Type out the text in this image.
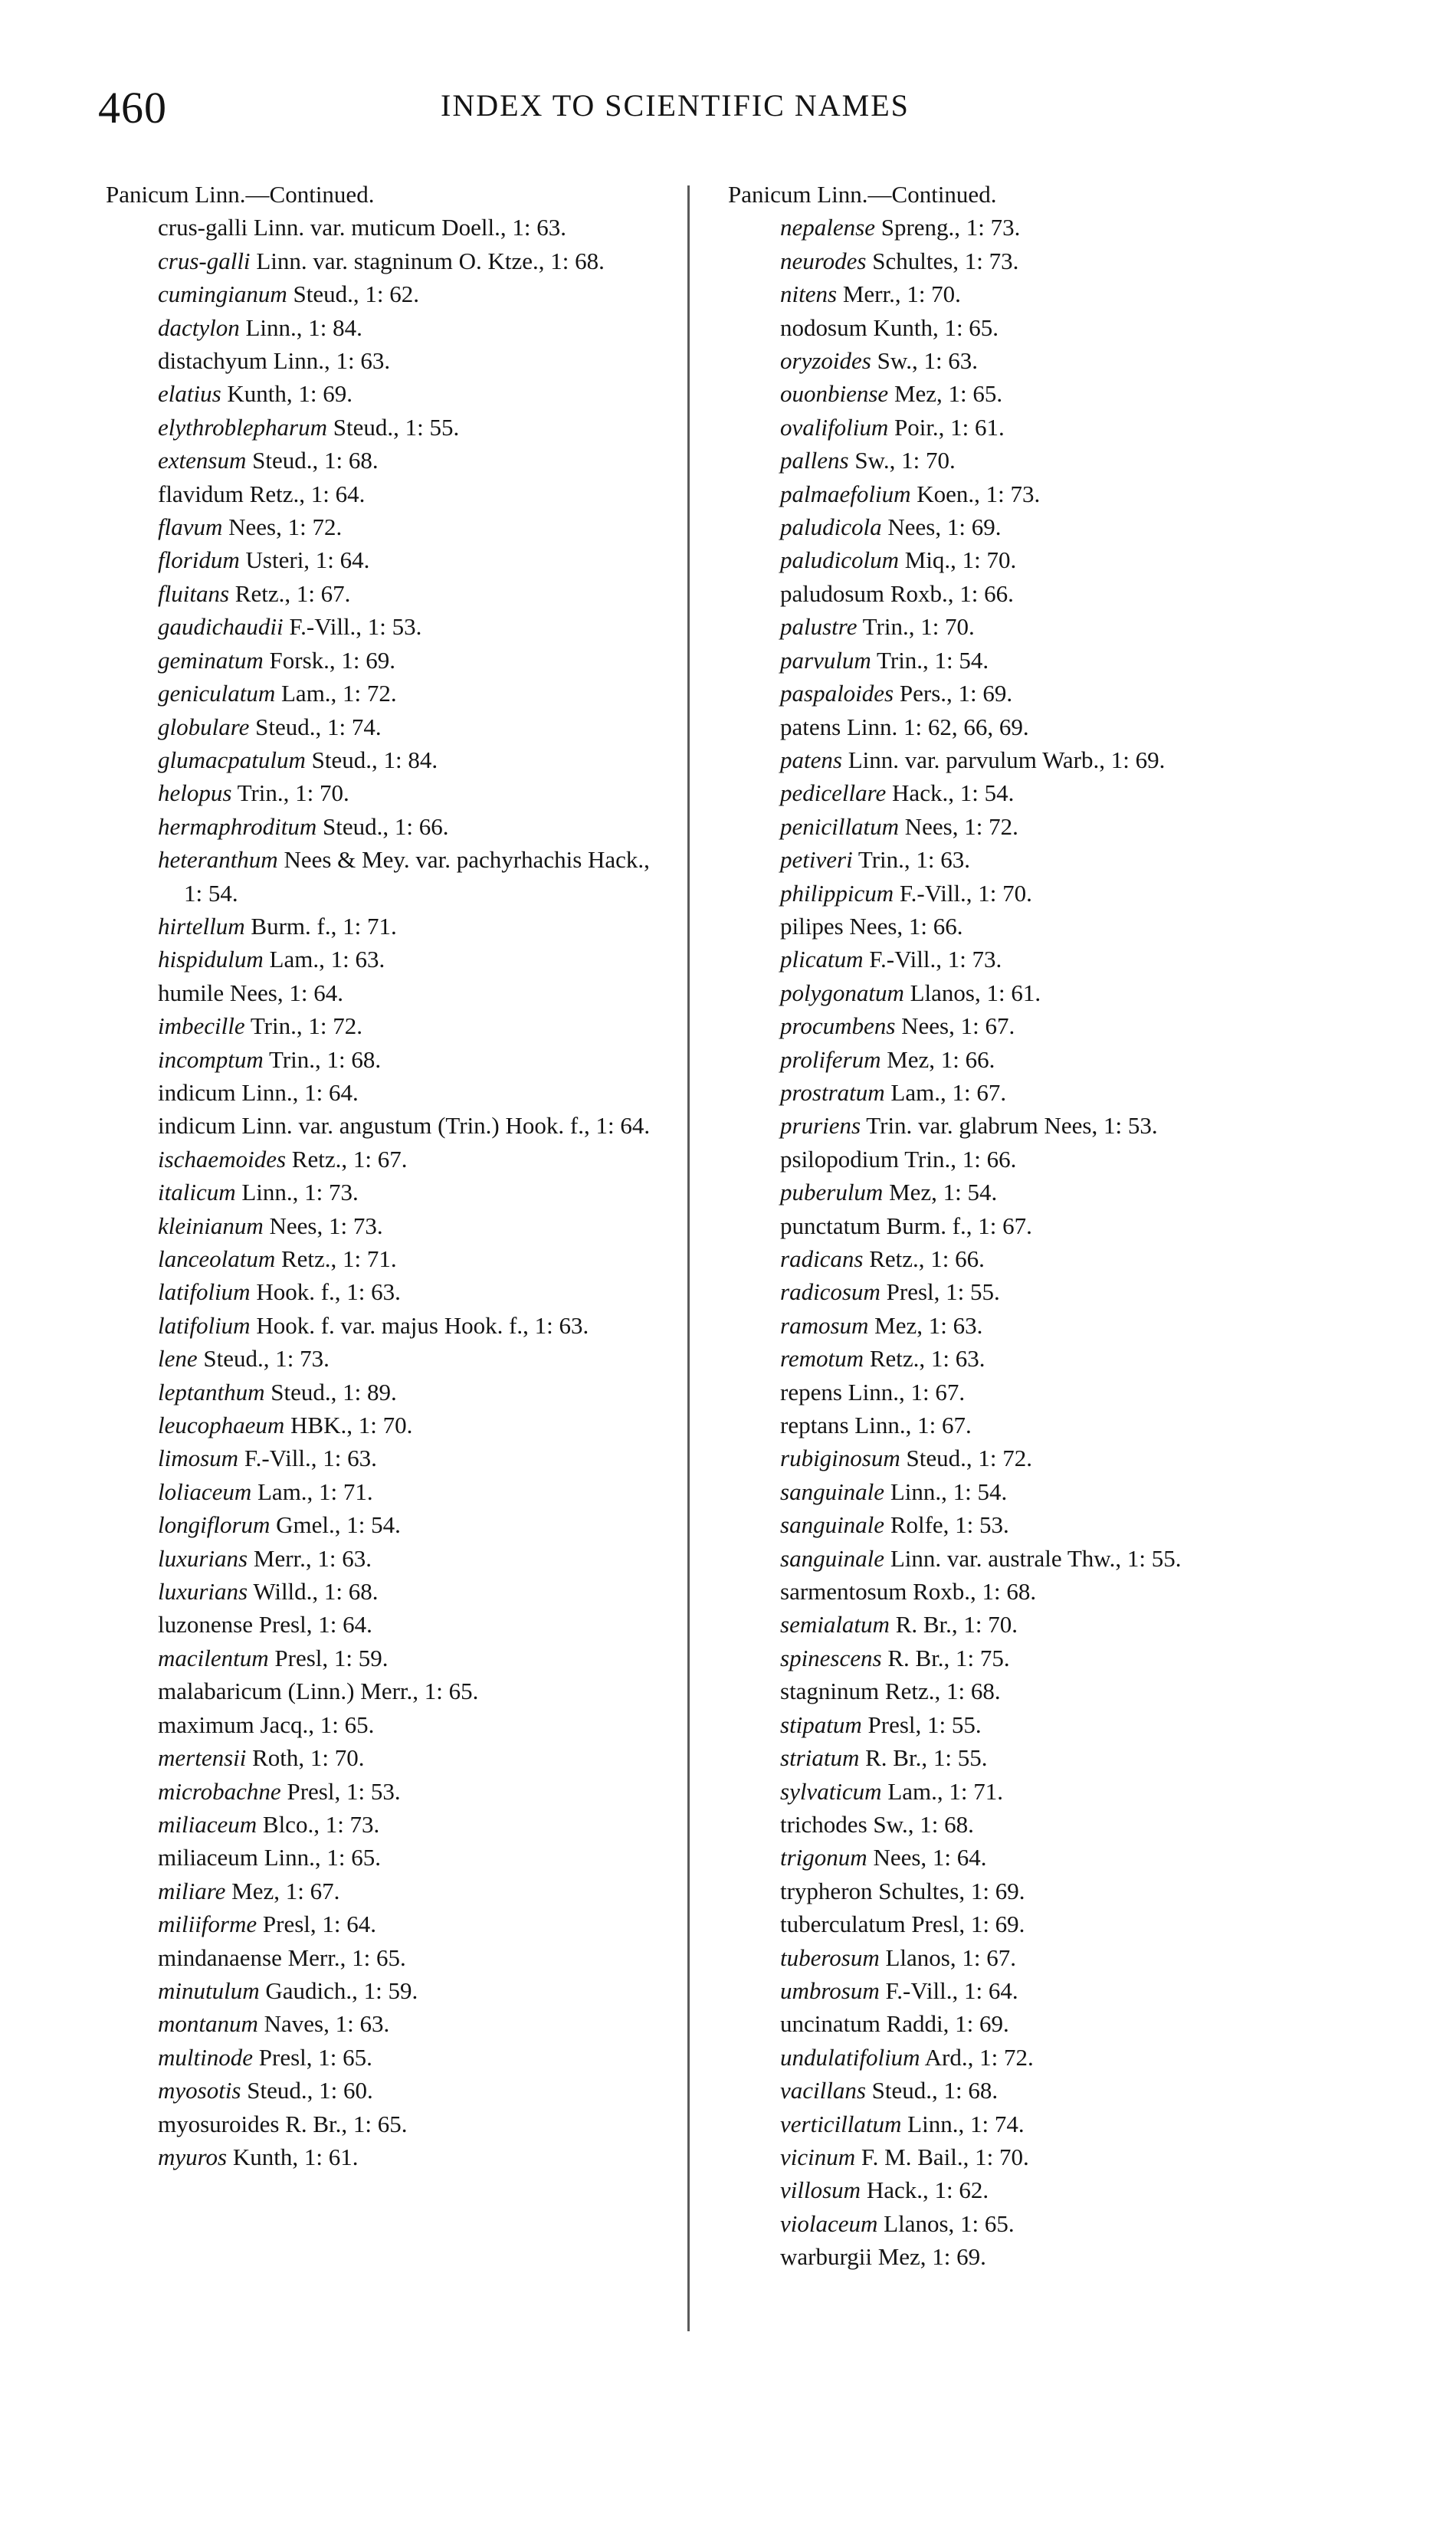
460	INDEX TO SCIENTIFIC NAMES
Panicum Linn.—Continued.
crus-galli Linn. var. muticum Doell., 1: 63.
crus-galli Linn. var. stagninum O. Ktze., 1: 68.
cumingianum Steud., 1: 62.
dactylon Linn., 1: 84.
distachyum Linn., 1: 63.
elatius Kunth, 1: 69.
elythroblepharum Steud., 1: 55.
extensum Steud., 1: 68.
flavidum Retz., 1: 64.
flavum Nees, 1: 72.
floridum Usteri, 1: 64.
fluitans Retz., 1: 67.
gaudichaudii F.-Vill., 1: 53.
geminatum Forsk., 1: 69.
geniculatum Lam., 1: 72.
globulare Steud., 1: 74.
glumacpatulum Steud., 1: 84.
helopus Trin., 1: 70.
hermaphroditum Steud., 1: 66.
heteranthum Nees & Mey. var. pachyrhachis Hack., 1: 54.
hirtellum Burm. f., 1: 71.
hispidulum Lam., 1: 63.
humile Nees, 1: 64.
imbecille Trin., 1: 72.
incomptum Trin., 1: 68.
indicum Linn., 1: 64.
indicum Linn. var. angustum (Trin.) Hook. f., 1: 64.
ischaemoides Retz., 1: 67.
italicum Linn., 1: 73.
kleinianum Nees, 1: 73.
lanceolatum Retz., 1: 71.
latifolium Hook. f., 1: 63.
latifolium Hook. f. var. majus Hook. f., 1: 63.
lene Steud., 1: 73.
leptanthum Steud., 1: 89.
leucophaeum HBK., 1: 70.
limosum F.-Vill., 1: 63.
loliaceum Lam., 1: 71.
longiflorum Gmel., 1: 54.
luxurians Merr., 1: 63.
luxurians Willd., 1: 68.
luzonense Presl, 1: 64.
macilentum Presl, 1: 59.
malabaricum (Linn.) Merr., 1: 65.
maximum Jacq., 1: 65.
mertensii Roth, 1: 70.
microbachne Presl, 1: 53.
miliaceum Blco., 1: 73.
miliaceum Linn., 1: 65.
miliare Mez, 1: 67.
miliiforme Presl, 1: 64.
mindanaense Merr., 1: 65.
minutulum Gaudich., 1: 59.
montanum Naves, 1: 63.
multinode Presl, 1: 65.
myosotis Steud., 1: 60.
myosuroides R. Br., 1: 65.
myuros Kunth, 1: 61.
Panicum Linn.—Continued.
nepalense Spreng., 1: 73.
neurodes Schultes, 1: 73.
nitens Merr., 1: 70.
nodosum Kunth, 1: 65.
oryzoides Sw., 1: 63.
ouonbiense Mez, 1: 65.
ovalifolium Poir., 1: 61.
pallens Sw., 1: 70.
palmaefolium Koen., 1: 73.
paludicola Nees, 1: 69.
paludicolum Miq., 1: 70.
paludosum Roxb., 1: 66.
palustre Trin., 1: 70.
parvulum Trin., 1: 54.
paspaloides Pers., 1: 69.
patens Linn. 1: 62, 66, 69.
patens Linn. var. parvulum Warb., 1: 69.
pedicellare Hack., 1: 54.
penicillatum Nees, 1: 72.
petiveri Trin., 1: 63.
philippicum F.-Vill., 1: 70.
pilipes Nees, 1: 66.
plicatum F.-Vill., 1: 73.
polygonatum Llanos, 1: 61.
procumbens Nees, 1: 67.
proliferum Mez, 1: 66.
prostratum Lam., 1: 67.
pruriens Trin. var. glabrum Nees, 1: 53.
psilopodium Trin., 1: 66.
puberulum Mez, 1: 54.
punctatum Burm. f., 1: 67.
radicans Retz., 1: 66.
radicosum Presl, 1: 55.
ramosum Mez, 1: 63.
remotum Retz., 1: 63.
repens Linn., 1: 67.
reptans Linn., 1: 67.
rubiginosum Steud., 1: 72.
sanguinale Linn., 1: 54.
sanguinale Rolfe, 1: 53.
sanguinale Linn. var. australe Thw., 1: 55.
sarmentosum Roxb., 1: 68.
semialatum R. Br., 1: 70.
spinescens R. Br., 1: 75.
stagninum Retz., 1: 68.
stipatum Presl, 1: 55.
striatum R. Br., 1: 55.
sylvaticum Lam., 1: 71.
trichodes Sw., 1: 68.
trigonum Nees, 1: 64.
trypheron Schultes, 1: 69.
tuberculatum Presl, 1: 69.
tuberosum Llanos, 1: 67.
umbrosum F.-Vill., 1: 64.
uncinatum Raddi, 1: 69.
undulatifolium Ard., 1: 72.
vacillans Steud., 1: 68.
verticillatum Linn., 1: 74.
vicinum F. M. Bail., 1: 70.
villosum Hack., 1: 62.
violaceum Llanos, 1: 65.
warburgii Mez, 1: 69.
